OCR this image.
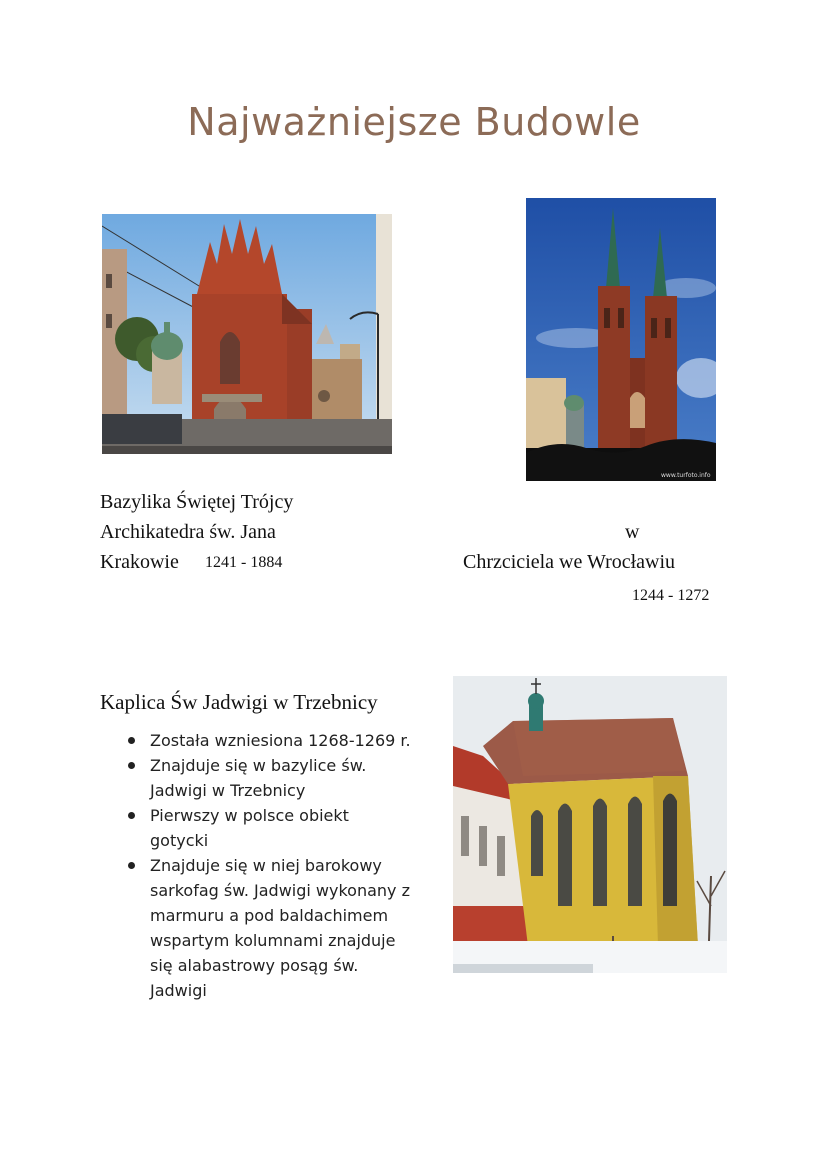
Najważniejsze Budowle
www.turfoto.info
Bazylika Świętej Trójcy
Archikatedra św. Jana	w
Krakowie 1241 - 1884	Chrzciciela we Wrocławiu
1244 - 1272
Kaplica Św Jadwigi w Trzebnicy
Została wzniesiona 1268-1269 r.
Znajduje się w bazylice św.
Jadwigi w Trzebnicy
Pierwszy w polsce obiekt
gotycki
Znajduje się w niej barokowy
sarkofag św. Jadwigi wykonany z
marmuru a pod baldachimem
wspartym kolumnami znajduje
się alabastrowy posąg św.
Jadwigi
